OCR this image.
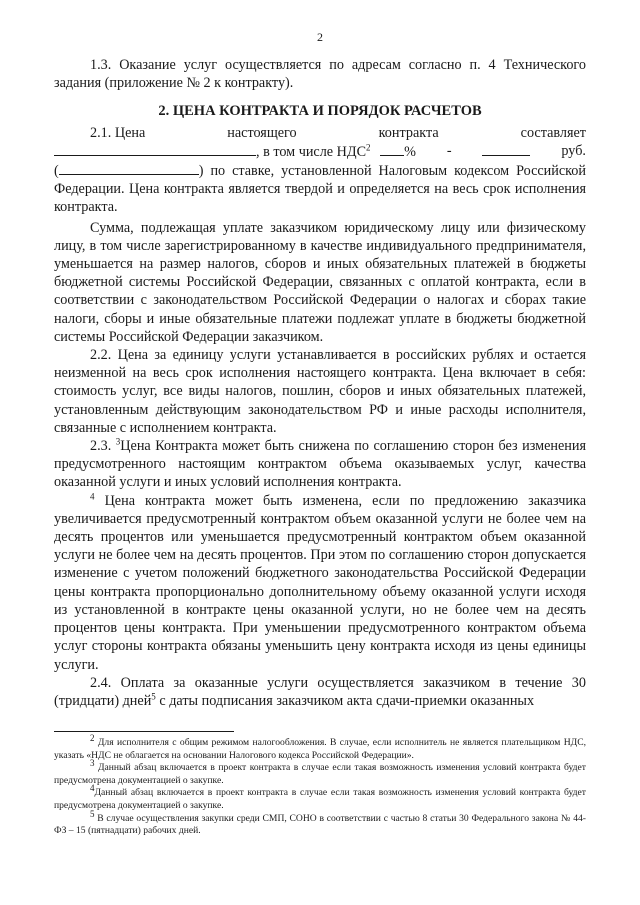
2

1.3. Оказание услуг осуществляется по адресам согласно п. 4 Технического задания (приложение № 2 к контракту).

2. ЦЕНА КОНТРАКТА И ПОРЯДОК РАСЧЕТОВ
2.1. Цена	настоящего	контракта	составляет
, в том числе НДС$^2$ % -	руб.

(	) по ставке, установленной Налоговым кодексом Российской Федерации. Цена контракта является твердой и определяется на весь срок исполнения контракта.

Сумма, подлежащая уплате заказчиком юридическому лицу или физическому лицу, в том числе зарегистрированному в качестве индивидуального предпринимателя, уменьшается на размер налогов, сборов и иных обязательных платежей в бюджеты бюджетной системы Российской Федерации, связанных с оплатой контракта, если в соответствии с законодательством Российской Федерации о налогах и сборах такие налоги, сборы и иные обязательные платежи подлежат уплате в бюджеты бюджетной системы Российской Федерации заказчиком.

2.2. Цена за единицу услуги устанавливается в российских рублях и остается неизменной на весь срок исполнения настоящего контракта. Цена включает в себя: стоимость услуг, все виды налогов, пошлин, сборов и иных обязательных платежей, установленным действующим законодательством РФ и иные расходы исполнителя, связанные с исполнением контракта.

2.3. $^3$Цена Контракта может быть снижена по соглашению сторон без изменения предусмотренного настоящим контрактом объема оказываемых услуг, качества оказанной услуги и иных условий исполнения контракта.

$^4$ Цена контракта может быть изменена, если по предложению заказчика увеличивается предусмотренный контрактом объем оказанной услуги не более чем на десять процентов или уменьшается предусмотренный контрактом объем оказанной услуги не более чем на десять процентов. При этом по соглашению сторон допускается изменение с учетом положений бюджетного законодательства Российской Федерации цены контракта пропорционально дополнительному объему оказанной услуги исходя из установленной в контракте цены оказанной услуги, но не более чем на десять процентов цены контракта. При уменьшении предусмотренного контрактом объема услуг стороны контракта обязаны уменьшить цену контракта исходя из цены единицы услуги.

2.4. Оплата за оказанные услуги осуществляется заказчиком в течение 30 (тридцати) дней$^5$ с даты подписания заказчиком акта сдачи-приемки оказанных

$^2$ Для исполнителя с общим режимом налогообложения. В случае, если исполнитель не является плательщиком НДС, указать «НДС не облагается на основании Налогового кодекса Российской Федерации».

$^3$ Данный абзац включается в проект контракта в случае если такая возможность изменения условий контракта будет предусмотрена документацией о закупке.

$^4$Данный абзац включается в проект контракта в случае если такая возможность изменения условий контракта будет предусмотрена документацией о закупке.

$^5$ В случае осуществления закупки среди СМП, СОНО в соответствии с частью 8 статьи 30 Федерального закона № 44-ФЗ – 15 (пятнадцати) рабочих дней.
